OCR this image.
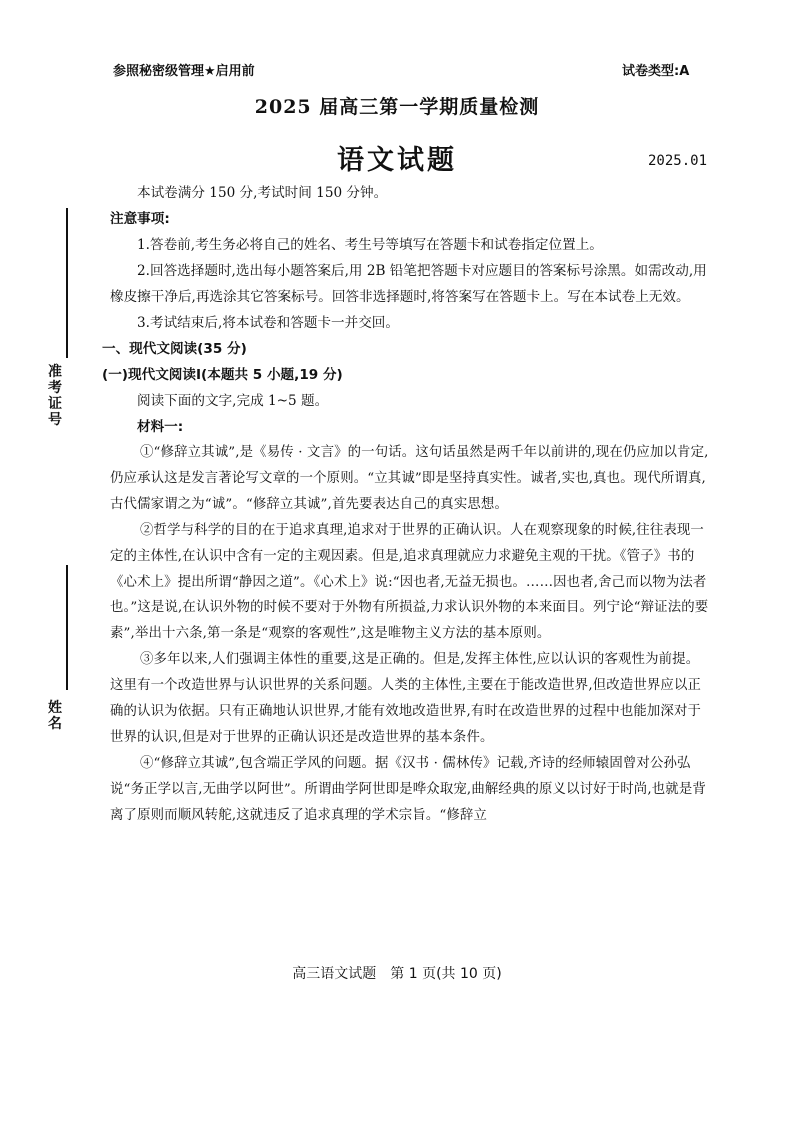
参照秘密级管理★启用前	试卷类型:A
2025 届高三第一学期质量检测
语文试题	2025.01
准考证号
姓名

本试卷满分 150 分,考试时间 150 分钟。

注意事项:

1.答卷前,考生务必将自己的姓名、考生号等填写在答题卡和试卷指定位置上。

2.回答选择题时,选出每小题答案后,用 2B 铅笔把答题卡对应题目的答案标号涂黑。如需改动,用橡皮擦干净后,再选涂其它答案标号。回答非选择题时,将答案写在答题卡上。写在本试卷上无效。

3.考试结束后,将本试卷和答题卡一并交回。

一、现代文阅读(35 分)

(一)现代文阅读Ⅰ(本题共 5 小题,19 分)

阅读下面的文字,完成 1~5 题。

材料一:

①“修辞立其诚”,是《易传 · 文言》的一句话。这句话虽然是两千年以前讲的,现在仍应加以肯定,仍应承认这是发言著论写文章的一个原则。“立其诚”即是坚持真实性。诚者,实也,真也。现代所谓真,古代儒家谓之为“诚”。“修辞立其诚”,首先要表达自己的真实思想。

②哲学与科学的目的在于追求真理,追求对于世界的正确认识。人在观察现象的时候,往往表现一定的主体性,在认识中含有一定的主观因素。但是,追求真理就应力求避免主观的干扰。《管子》书的《心术上》提出所谓“静因之道”。《心术上》说:“因也者,无益无损也。……因也者,舍己而以物为法者也。”这是说,在认识外物的时候不要对于外物有所损益,力求认识外物的本来面目。列宁论“辩证法的要素”,举出十六条,第一条是“观察的客观性”,这是唯物主义方法的基本原则。

③多年以来,人们强调主体性的重要,这是正确的。但是,发挥主体性,应以认识的客观性为前提。这里有一个改造世界与认识世界的关系问题。人类的主体性,主要在于能改造世界,但改造世界应以正确的认识为依据。只有正确地认识世界,才能有效地改造世界,有时在改造世界的过程中也能加深对于世界的认识,但是对于世界的正确认识还是改造世界的基本条件。

④“修辞立其诚”,包含端正学风的问题。据《汉书 · 儒林传》记载,齐诗的经师辕固曾对公孙弘说“务正学以言,无曲学以阿世”。所谓曲学阿世即是哗众取宠,曲解经典的原义以讨好于时尚,也就是背离了原则而顺风转舵,这就违反了追求真理的学术宗旨。“修辞立

高三语文试题　第 1 页(共 10 页)
